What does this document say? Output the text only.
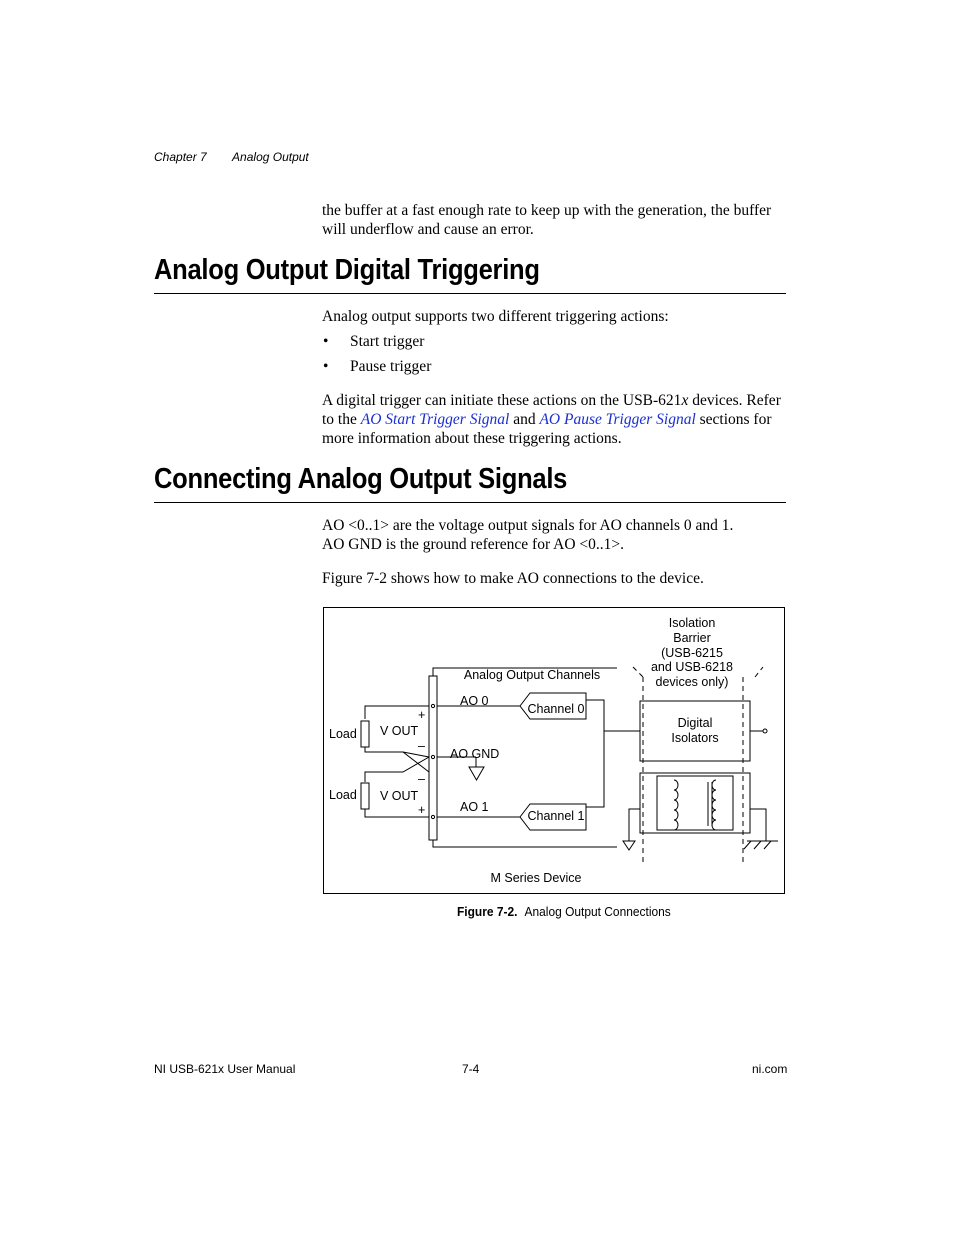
Chapter 7 Analog Output
the buffer at a fast enough rate to keep up with the generation, the buffer will underflow and cause an error.
Analog Output Digital Triggering
Analog output supports two different triggering actions:
• Start trigger
• Pause trigger
A digital trigger can initiate these actions on the USB-621x devices. Refer to the AO Start Trigger Signal and AO Pause Trigger Signal sections for more information about these triggering actions.
Connecting Analog Output Signals
AO <0..1> are the voltage output signals for AO channels 0 and 1.
AO GND is the ground reference for AO <0..1>.
Figure 7-2 shows how to make AO connections to the device.
Isolation
Barrier
(USB-6215
and USB-6218
devices only)
Analog Output Channels
AO 0
AO GND
AO 1
Channel 0
Channel 1
Digital
Isolators
Load
Load
V OUT
V OUT
+
–
–
+
M Series Device
Figure 7-2. Analog Output Connections
NI USB-621x User Manual	7-4	ni.com
